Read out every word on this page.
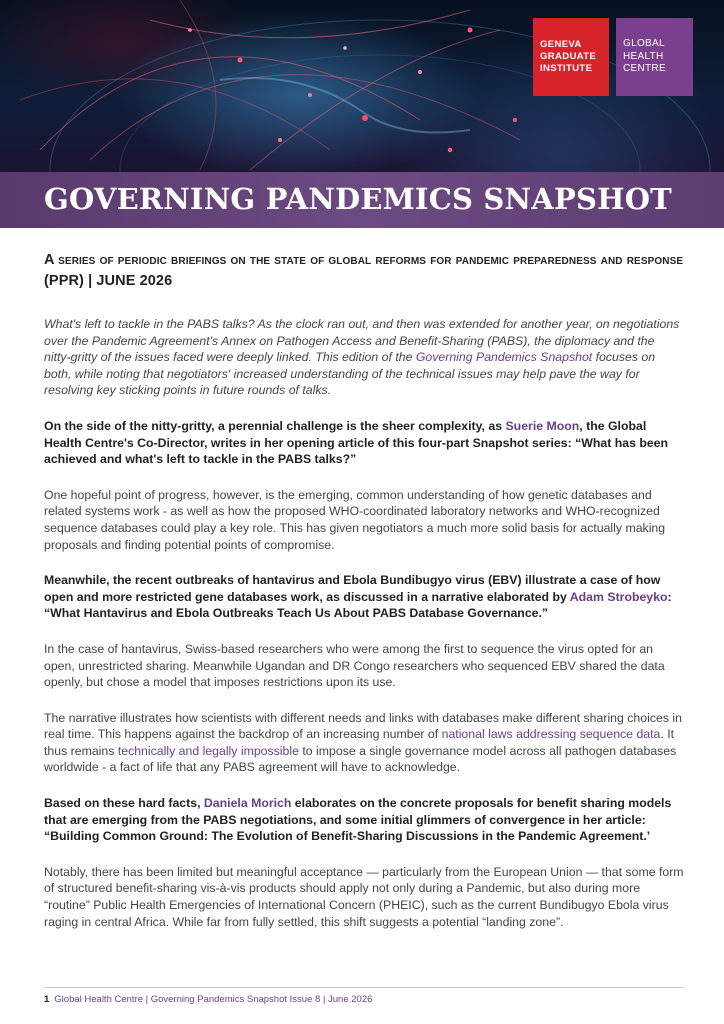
GENEVA
GRADUATE
INSTITUTE
GLOBAL
HEALTH
CENTRE
GOVERNING PANDEMICS SNAPSHOT

A series of periodic briefings on the state of global reforms for pandemic preparedness and response (PPR) | JUNE 2026

What's left to tackle in the PABS talks? As the clock ran out, and then was extended for another year, on negotiations over the Pandemic Agreement's Annex on Pathogen Access and Benefit-Sharing (PABS), the diplomacy and the nitty-gritty of the issues faced were deeply linked. This edition of the Governing Pandemics Snapshot focuses on both, while noting that negotiators' increased understanding of the technical issues may help pave the way for resolving key sticking points in future rounds of talks.

On the side of the nitty-gritty, a perennial challenge is the sheer complexity, as Suerie Moon, the Global Health Centre's Co-Director, writes in her opening article of this four-part Snapshot series: “What has been achieved and what's left to tackle in the PABS talks?”

One hopeful point of progress, however, is the emerging, common understanding of how genetic databases and related systems work - as well as how the proposed WHO-coordinated laboratory networks and WHO-recognized sequence databases could play a key role. This has given negotiators a much more solid basis for actually making proposals and finding potential points of compromise.

Meanwhile, the recent outbreaks of hantavirus and Ebola Bundibugyo virus (EBV) illustrate a case of how open and more restricted gene databases work, as discussed in a narrative elaborated by Adam Strobeyko: “What Hantavirus and Ebola Outbreaks Teach Us About PABS Database Governance.”

In the case of hantavirus, Swiss-based researchers who were among the first to sequence the virus opted for an open, unrestricted sharing. Meanwhile Ugandan and DR Congo researchers who sequenced EBV shared the data openly, but chose a model that imposes restrictions upon its use.

The narrative illustrates how scientists with different needs and links with databases make different sharing choices in real time. This happens against the backdrop of an increasing number of national laws addressing sequence data. It thus remains technically and legally impossible to impose a single governance model across all pathogen databases worldwide - a fact of life that any PABS agreement will have to acknowledge.

Based on these hard facts, Daniela Morich elaborates on the concrete proposals for benefit sharing models that are emerging from the PABS negotiations, and some initial glimmers of convergence in her article: “Building Common Ground: The Evolution of Benefit-Sharing Discussions in the Pandemic Agreement.’

Notably, there has been limited but meaningful acceptance — particularly from the European Union — that some form of structured benefit-sharing vis-à-vis products should apply not only during a Pandemic, but also during more “routine” Public Health Emergencies of International Concern (PHEIC), such as the current Bundibugyo Ebola virus raging in central Africa. While far from fully settled, this shift suggests a potential “landing zone”.

1 Global Health Centre | Governing Pandemics Snapshot Issue 8 | June 2026
